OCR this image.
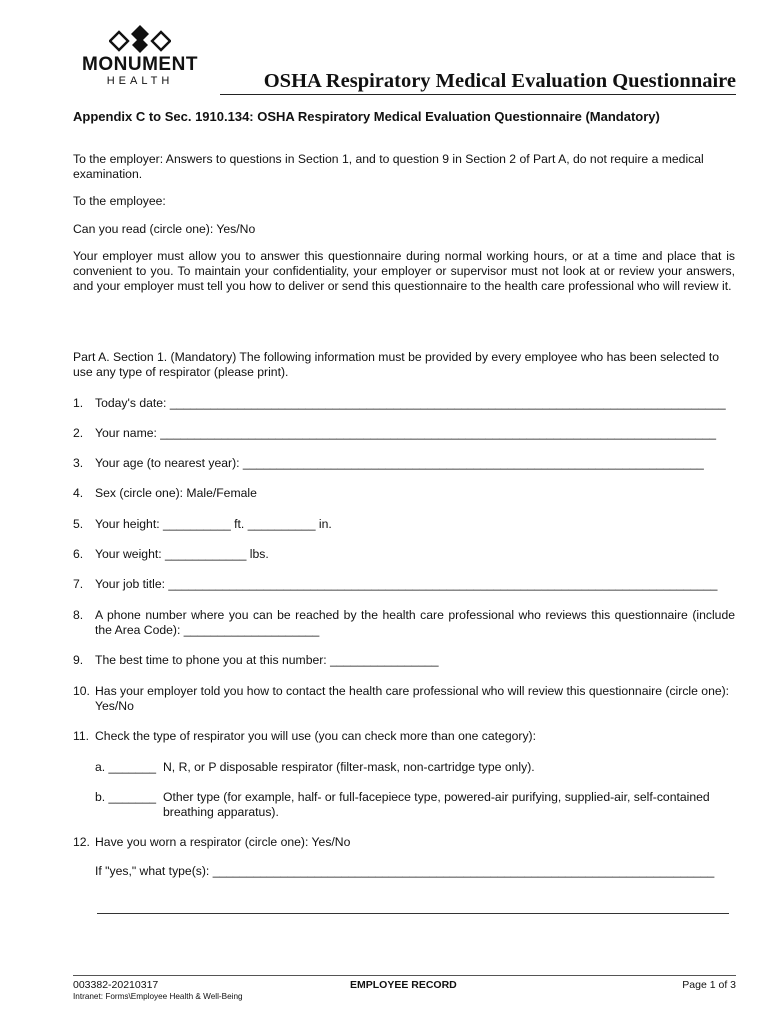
MONUMENT
HEALTH	OSHA Respiratory Medical Evaluation Questionnaire
Appendix C to Sec. 1910.134: OSHA Respiratory Medical Evaluation Questionnaire (Mandatory)
To the employer: Answers to questions in Section 1, and to question 9 in Section 2 of Part A, do not require a medical examination.
To the employee:
Can you read (circle one): Yes/No
Your employer must allow you to answer this questionnaire during normal working hours, or at a time and place that is convenient to you. To maintain your confidentiality, your employer or supervisor must not look at or review your answers, and your employer must tell you how to deliver or send this questionnaire to the health care professional who will review it.
Part A. Section 1. (Mandatory) The following information must be provided by every employee who has been selected to use any type of respirator (please print).
1. Today's date: __________________________________________________________________________________
2. Your name: __________________________________________________________________________________
3. Your age (to nearest year): ____________________________________________________________________
4. Sex (circle one): Male/Female
5. Your height: __________ ft. __________ in.
6. Your weight: ____________ lbs.
7. Your job title: _________________________________________________________________________________
8. A phone number where you can be reached by the health care professional who reviews this questionnaire (include the Area Code): ____________________
9. The best time to phone you at this number: ________________
10. Has your employer told you how to contact the health care professional who will review this questionnaire (circle one): Yes/No
11. Check the type of respirator you will use (you can check more than one category):
a. _______ N, R, or P disposable respirator (filter-mask, non-cartridge type only).
b. _______ Other type (for example, half- or full-facepiece type, powered-air purifying, supplied-air, self-contained breathing apparatus).
12. Have you worn a respirator (circle one): Yes/No
If "yes," what type(s): __________________________________________________________________________
003382-20210317
Intranet: Forms\Employee Health & Well-Being
EMPLOYEE RECORD	Page 1 of 3
